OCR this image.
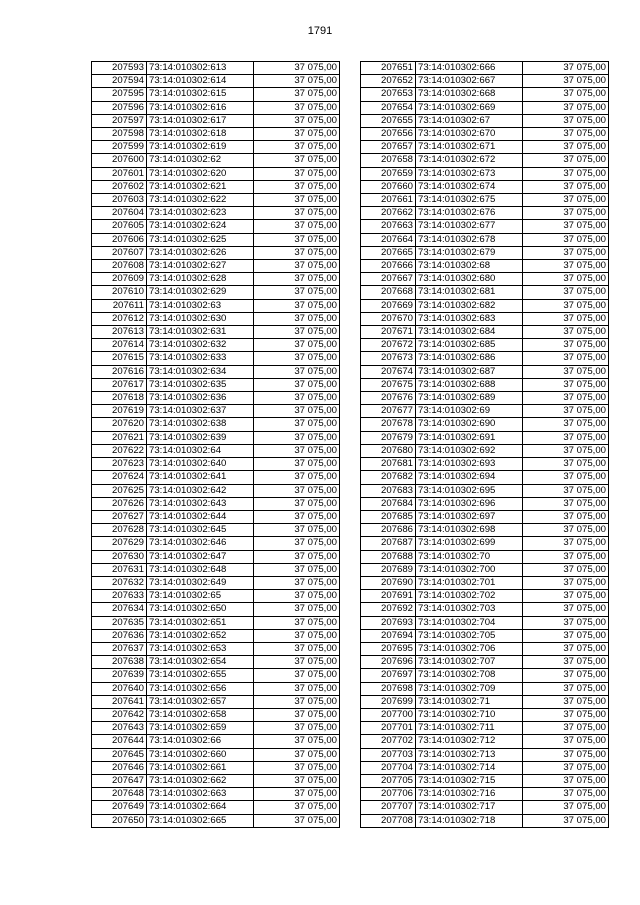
1791
207593	73:14:010302:613	37 075,00
207594	73:14:010302:614	37 075,00
207595	73:14:010302:615	37 075,00
207596	73:14:010302:616	37 075,00
207597	73:14:010302:617	37 075,00
207598	73:14:010302:618	37 075,00
207599	73:14:010302:619	37 075,00
207600	73:14:010302:62	37 075,00
207601	73:14:010302:620	37 075,00
207602	73:14:010302:621	37 075,00
207603	73:14:010302:622	37 075,00
207604	73:14:010302:623	37 075,00
207605	73:14:010302:624	37 075,00
207606	73:14:010302:625	37 075,00
207607	73:14:010302:626	37 075,00
207608	73:14:010302:627	37 075,00
207609	73:14:010302:628	37 075,00
207610	73:14:010302:629	37 075,00
207611	73:14:010302:63	37 075,00
207612	73:14:010302:630	37 075,00
207613	73:14:010302:631	37 075,00
207614	73:14:010302:632	37 075,00
207615	73:14:010302:633	37 075,00
207616	73:14:010302:634	37 075,00
207617	73:14:010302:635	37 075,00
207618	73:14:010302:636	37 075,00
207619	73:14:010302:637	37 075,00
207620	73:14:010302:638	37 075,00
207621	73:14:010302:639	37 075,00
207622	73:14:010302:64	37 075,00
207623	73:14:010302:640	37 075,00
207624	73:14:010302:641	37 075,00
207625	73:14:010302:642	37 075,00
207626	73:14:010302:643	37 075,00
207627	73:14:010302:644	37 075,00
207628	73:14:010302:645	37 075,00
207629	73:14:010302:646	37 075,00
207630	73:14:010302:647	37 075,00
207631	73:14:010302:648	37 075,00
207632	73:14:010302:649	37 075,00
207633	73:14:010302:65	37 075,00
207634	73:14:010302:650	37 075,00
207635	73:14:010302:651	37 075,00
207636	73:14:010302:652	37 075,00
207637	73:14:010302:653	37 075,00
207638	73:14:010302:654	37 075,00
207639	73:14:010302:655	37 075,00
207640	73:14:010302:656	37 075,00
207641	73:14:010302:657	37 075,00
207642	73:14:010302:658	37 075,00
207643	73:14:010302:659	37 075,00
207644	73:14:010302:66	37 075,00
207645	73:14:010302:660	37 075,00
207646	73:14:010302:661	37 075,00
207647	73:14:010302:662	37 075,00
207648	73:14:010302:663	37 075,00
207649	73:14:010302:664	37 075,00
207650	73:14:010302:665	37 075,00
207651	73:14:010302:666	37 075,00
207652	73:14:010302:667	37 075,00
207653	73:14:010302:668	37 075,00
207654	73:14:010302:669	37 075,00
207655	73:14:010302:67	37 075,00
207656	73:14:010302:670	37 075,00
207657	73:14:010302:671	37 075,00
207658	73:14:010302:672	37 075,00
207659	73:14:010302:673	37 075,00
207660	73:14:010302:674	37 075,00
207661	73:14:010302:675	37 075,00
207662	73:14:010302:676	37 075,00
207663	73:14:010302:677	37 075,00
207664	73:14:010302:678	37 075,00
207665	73:14:010302:679	37 075,00
207666	73:14:010302:68	37 075,00
207667	73:14:010302:680	37 075,00
207668	73:14:010302:681	37 075,00
207669	73:14:010302:682	37 075,00
207670	73:14:010302:683	37 075,00
207671	73:14:010302:684	37 075,00
207672	73:14:010302:685	37 075,00
207673	73:14:010302:686	37 075,00
207674	73:14:010302:687	37 075,00
207675	73:14:010302:688	37 075,00
207676	73:14:010302:689	37 075,00
207677	73:14:010302:69	37 075,00
207678	73:14:010302:690	37 075,00
207679	73:14:010302:691	37 075,00
207680	73:14:010302:692	37 075,00
207681	73:14:010302:693	37 075,00
207682	73:14:010302:694	37 075,00
207683	73:14:010302:695	37 075,00
207684	73:14:010302:696	37 075,00
207685	73:14:010302:697	37 075,00
207686	73:14:010302:698	37 075,00
207687	73:14:010302:699	37 075,00
207688	73:14:010302:70	37 075,00
207689	73:14:010302:700	37 075,00
207690	73:14:010302:701	37 075,00
207691	73:14:010302:702	37 075,00
207692	73:14:010302:703	37 075,00
207693	73:14:010302:704	37 075,00
207694	73:14:010302:705	37 075,00
207695	73:14:010302:706	37 075,00
207696	73:14:010302:707	37 075,00
207697	73:14:010302:708	37 075,00
207698	73:14:010302:709	37 075,00
207699	73:14:010302:71	37 075,00
207700	73:14:010302:710	37 075,00
207701	73:14:010302:711	37 075,00
207702	73:14:010302:712	37 075,00
207703	73:14:010302:713	37 075,00
207704	73:14:010302:714	37 075,00
207705	73:14:010302:715	37 075,00
207706	73:14:010302:716	37 075,00
207707	73:14:010302:717	37 075,00
207708	73:14:010302:718	37 075,00
